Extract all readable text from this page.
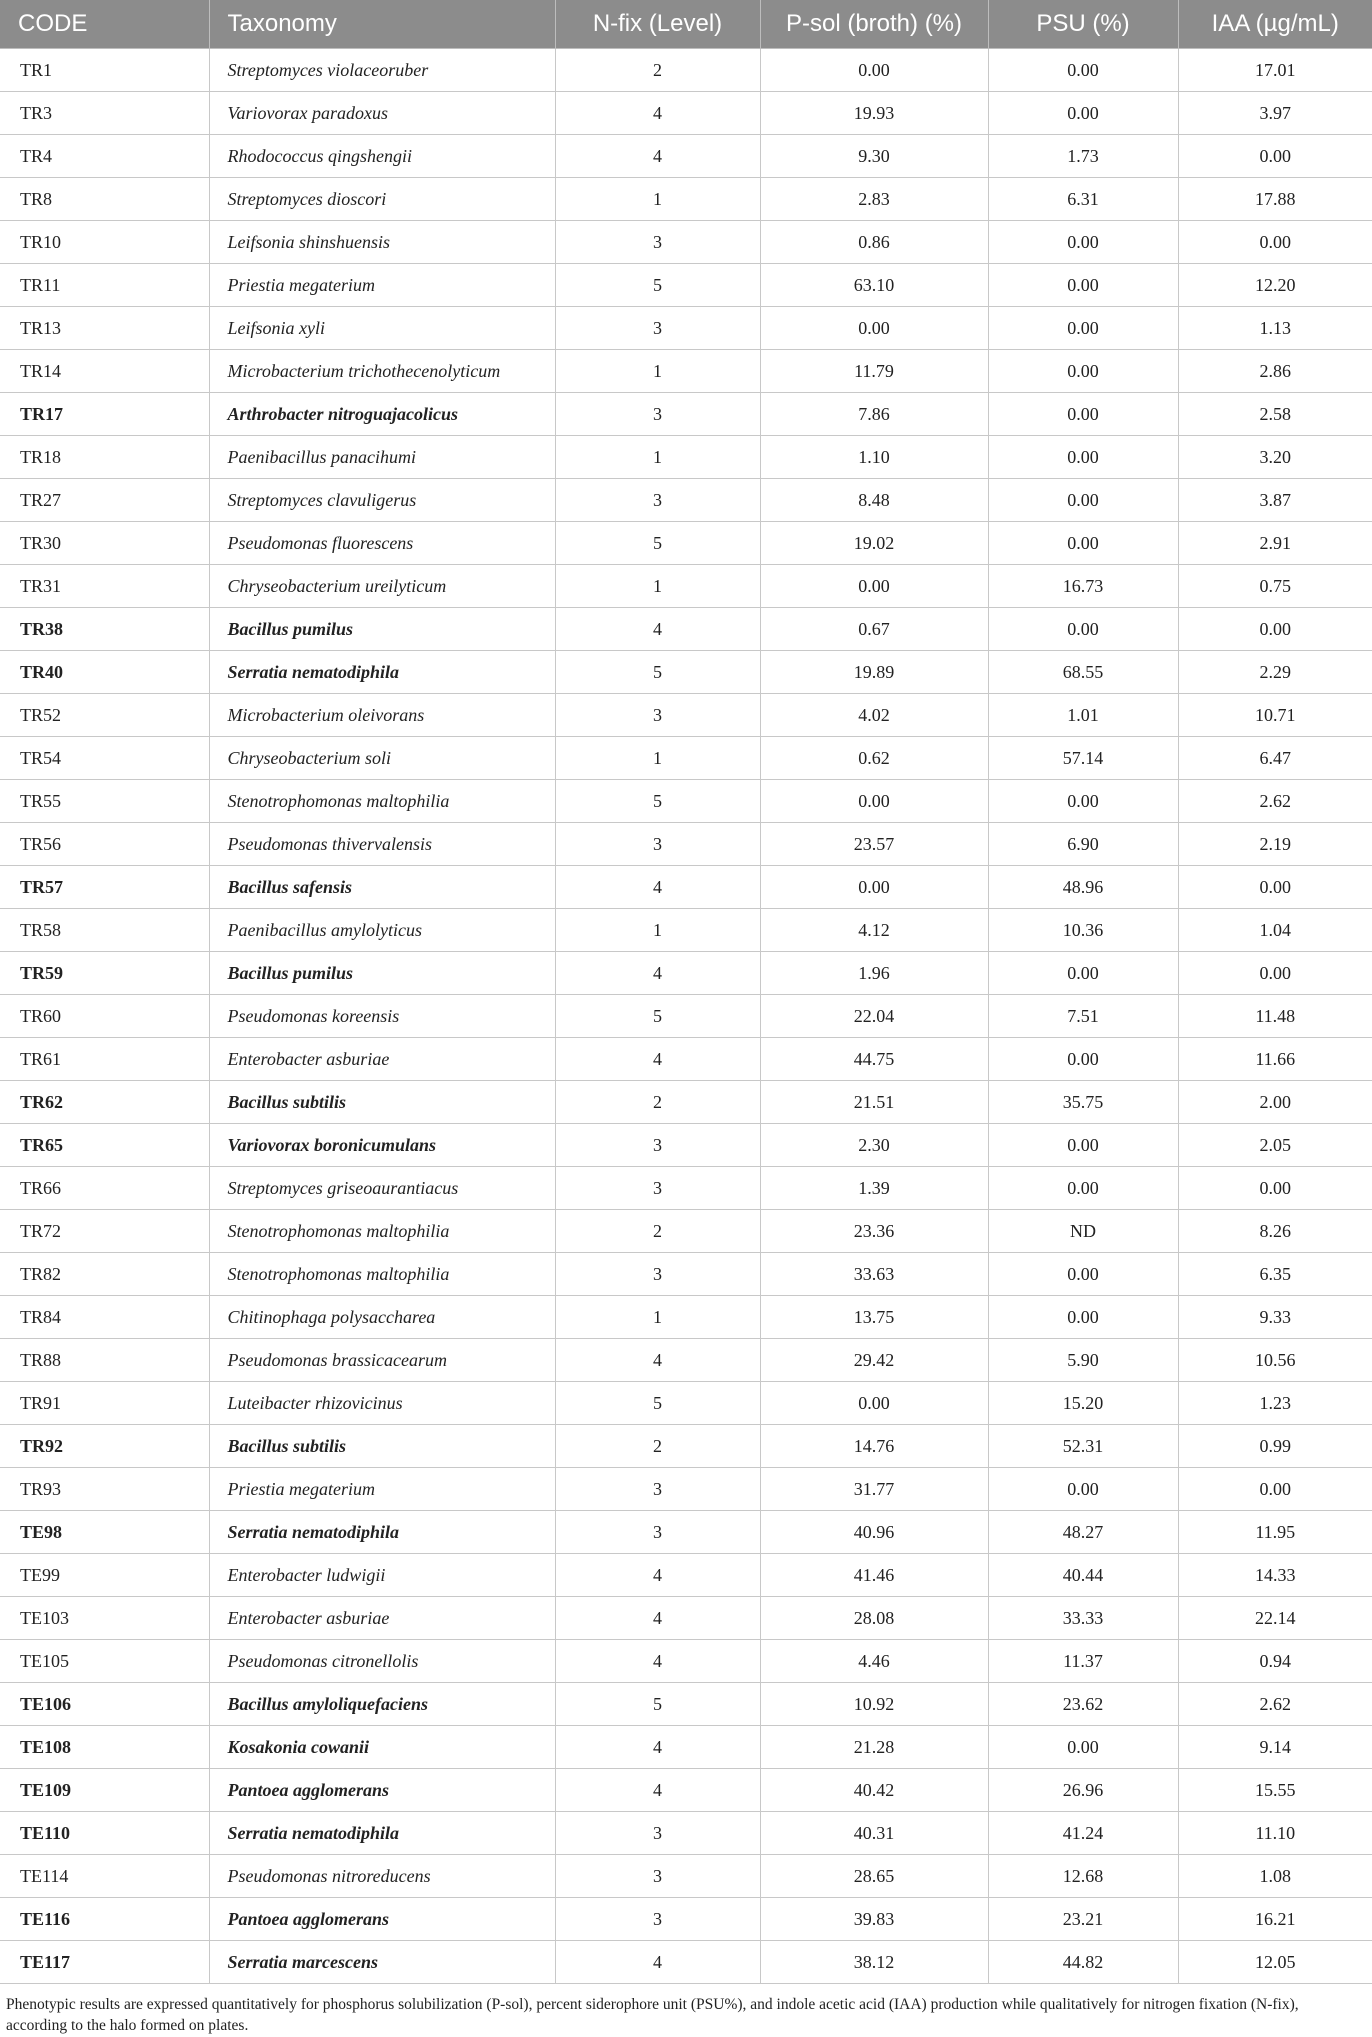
CODE	Taxonomy	N-fix (Level)	P-sol (broth) (%)	PSU (%)	IAA (µg/mL)
TR1	Streptomyces violaceoruber	2	0.00	0.00	17.01
TR3	Variovorax paradoxus	4	19.93	0.00	3.97
TR4	Rhodococcus qingshengii	4	9.30	1.73	0.00
TR8	Streptomyces dioscori	1	2.83	6.31	17.88
TR10	Leifsonia shinshuensis	3	0.86	0.00	0.00
TR11	Priestia megaterium	5	63.10	0.00	12.20
TR13	Leifsonia xyli	3	0.00	0.00	1.13
TR14	Microbacterium trichothecenolyticum	1	11.79	0.00	2.86
TR17	Arthrobacter nitroguajacolicus	3	7.86	0.00	2.58
TR18	Paenibacillus panacihumi	1	1.10	0.00	3.20
TR27	Streptomyces clavuligerus	3	8.48	0.00	3.87
TR30	Pseudomonas fluorescens	5	19.02	0.00	2.91
TR31	Chryseobacterium ureilyticum	1	0.00	16.73	0.75
TR38	Bacillus pumilus	4	0.67	0.00	0.00
TR40	Serratia nematodiphila	5	19.89	68.55	2.29
TR52	Microbacterium oleivorans	3	4.02	1.01	10.71
TR54	Chryseobacterium soli	1	0.62	57.14	6.47
TR55	Stenotrophomonas maltophilia	5	0.00	0.00	2.62
TR56	Pseudomonas thivervalensis	3	23.57	6.90	2.19
TR57	Bacillus safensis	4	0.00	48.96	0.00
TR58	Paenibacillus amylolyticus	1	4.12	10.36	1.04
TR59	Bacillus pumilus	4	1.96	0.00	0.00
TR60	Pseudomonas koreensis	5	22.04	7.51	11.48
TR61	Enterobacter asburiae	4	44.75	0.00	11.66
TR62	Bacillus subtilis	2	21.51	35.75	2.00
TR65	Variovorax boronicumulans	3	2.30	0.00	2.05
TR66	Streptomyces griseoaurantiacus	3	1.39	0.00	0.00
TR72	Stenotrophomonas maltophilia	2	23.36	ND	8.26
TR82	Stenotrophomonas maltophilia	3	33.63	0.00	6.35
TR84	Chitinophaga polysaccharea	1	13.75	0.00	9.33
TR88	Pseudomonas brassicacearum	4	29.42	5.90	10.56
TR91	Luteibacter rhizovicinus	5	0.00	15.20	1.23
TR92	Bacillus subtilis	2	14.76	52.31	0.99
TR93	Priestia megaterium	3	31.77	0.00	0.00
TE98	Serratia nematodiphila	3	40.96	48.27	11.95
TE99	Enterobacter ludwigii	4	41.46	40.44	14.33
TE103	Enterobacter asburiae	4	28.08	33.33	22.14
TE105	Pseudomonas citronellolis	4	4.46	11.37	0.94
TE106	Bacillus amyloliquefaciens	5	10.92	23.62	2.62
TE108	Kosakonia cowanii	4	21.28	0.00	9.14
TE109	Pantoea agglomerans	4	40.42	26.96	15.55
TE110	Serratia nematodiphila	3	40.31	41.24	11.10
TE114	Pseudomonas nitroreducens	3	28.65	12.68	1.08
TE116	Pantoea agglomerans	3	39.83	23.21	16.21
TE117	Serratia marcescens	4	38.12	44.82	12.05
Phenotypic results are expressed quantitatively for phosphorus solubilization (P-sol), percent siderophore unit (PSU%), and indole acetic acid (IAA) production while qualitatively for nitrogen fixation (N-fix), according to the halo formed on plates.
